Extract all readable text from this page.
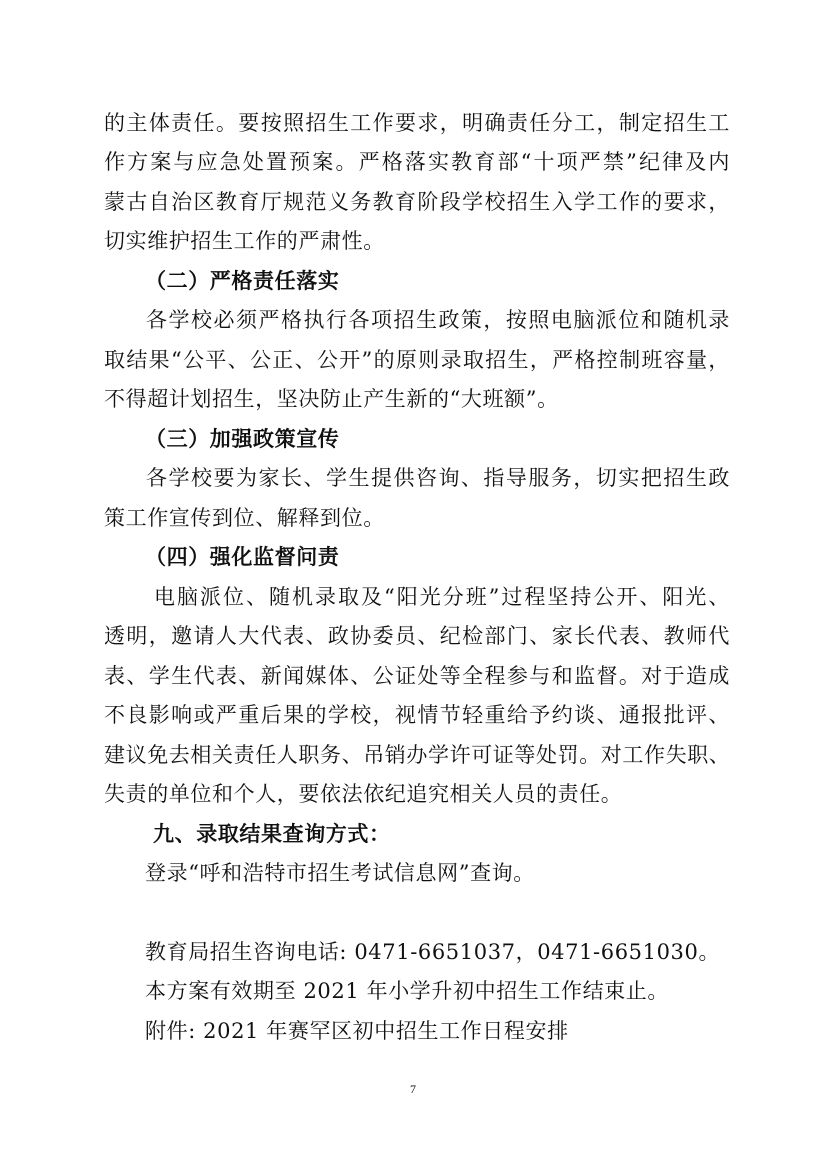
的主体责任。要按照招生工作要求，明确责任分工，制定招生工
作方案与应急处置预案。严格落实教育部“十项严禁”纪律及内
蒙古自治区教育厅规范义务教育阶段学校招生入学工作的要求，
切实维护招生工作的严肃性。
（二）严格责任落实
各学校必须严格执行各项招生政策，按照电脑派位和随机录
取结果“公平、公正、公开”的原则录取招生，严格控制班容量，
不得超计划招生，坚决防止产生新的“大班额”。
（三）加强政策宣传
各学校要为家长、学生提供咨询、指导服务，切实把招生政
策工作宣传到位、解释到位。
（四）强化监督问责
电脑派位、随机录取及“阳光分班”过程坚持公开、阳光、
透明，邀请人大代表、政协委员、纪检部门、家长代表、教师代
表、学生代表、新闻媒体、公证处等全程参与和监督。对于造成
不良影响或严重后果的学校，视情节轻重给予约谈、通报批评、
建议免去相关责任人职务、吊销办学许可证等处罚。对工作失职、
失责的单位和个人，要依法依纪追究相关人员的责任。
九、录取结果查询方式：
登录“呼和浩特市招生考试信息网”查询。
教育局招生咨询电话: 0471-6651037，0471-6651030。
本方案有效期至 2021 年小学升初中招生工作结束止。
附件: 2021 年赛罕区初中招生工作日程安排
7
